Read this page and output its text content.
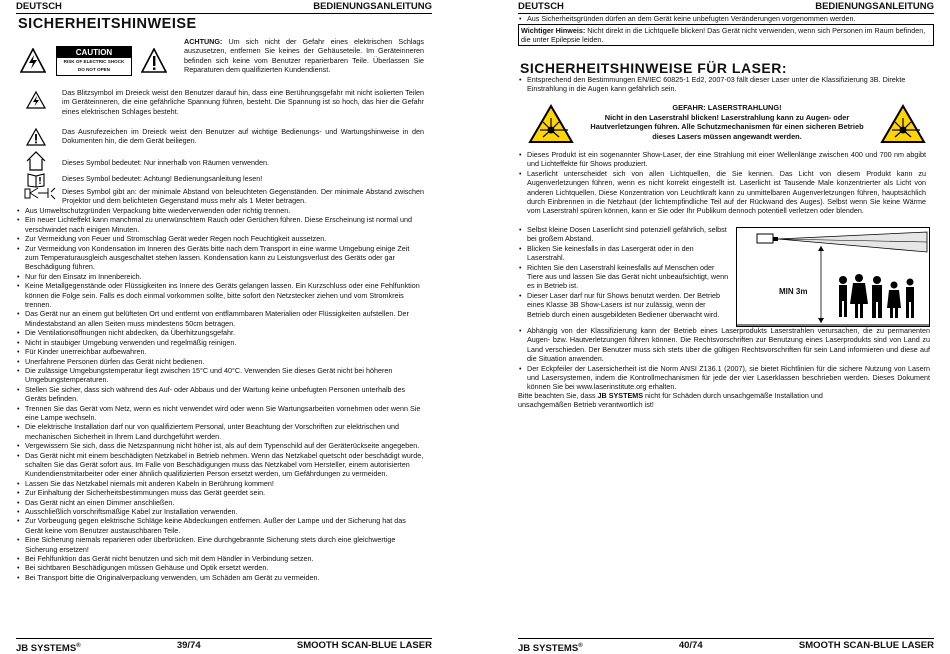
DEUTSCH	BEDIENUNGSANLEITUNG
SICHERHEITSHINWEISE
CAUTION
RISK OF ELECTRIC SHOCK
DO NOT OPEN
ACHTUNG: Um sich nicht der Gefahr eines elektrischen Schlags auszusetzen, entfernen Sie keines der Gehäuseteile. Im Geräteinneren befinden sich keine vom Benutzer reparierbaren Teile. Überlassen Sie Reparaturen dem qualifizierten Kundendienst.
Das Blitzsymbol im Dreieck weist den Benutzer darauf hin, dass eine Berührungsgefahr mit nicht isolierten Teilen im Geräteinneren, die eine gefährliche Spannung führen, besteht. Die Spannung ist so hoch, das hier die Gefahr eines elektrischen Schlages besteht.
Das Ausrufezeichen im Dreieck weist den Benutzer auf wichtige Bedienungs- und Wartungshinweise in den Dokumenten hin, die dem Gerät beiliegen.
Dieses Symbol bedeutet: Nur innerhalb von Räumen verwenden.
Dieses Symbol bedeutet: Achtung! Bedienungsanleitung lesen!
Dieses Symbol gibt an: der minimale Abstand von beleuchteten Gegenständen. Der minimale Abstand zwischen Projektor und dem belichteten Gegenstand muss mehr als 1 Meter betragen.
• Aus Umweltschutzgründen Verpackung bitte wiederverwenden oder richtig trennen.
• Ein neuer Lichteffekt kann manchmal zu unerwünschtem Rauch oder Gerüchen führen. Diese Erscheinung ist normal und verschwindet nach einigen Minuten.
• Zur Vermeidung von Feuer und Stromschlag Gerät weder Regen noch Feuchtigkeit aussetzen.
• Zur Vermeidung von Kondensation im Inneren des Geräts bitte nach dem Transport in eine warme Umgebung einige Zeit zum Temperaturausgleich ausgeschaltet stehen lassen. Kondensation kann zu Leistungsverlust des Geräts oder gar Beschädigung führen.
• Nur für den Einsatz im Innenbereich.
• Keine Metallgegenstände oder Flüssigkeiten ins Innere des Geräts gelangen lassen. Ein Kurzschluss oder eine Fehlfunktion können die Folge sein. Falls es doch einmal vorkommen sollte, bitte sofort den Netzstecker ziehen und vom Stromkreis trennen.
• Das Gerät nur an einem gut belüfteten Ort und entfernt von entflammbaren Materialien oder Flüssigkeiten aufstellen. Der Mindestabstand an allen Seiten muss mindestens 50cm betragen.
• Die Ventilationsöffnungen nicht abdecken, da Überhitzungsgefahr.
• Nicht in staubiger Umgebung verwenden und regelmäßig reinigen.
• Für Kinder unerreichbar aufbewahren.
• Unerfahrene Personen dürfen das Gerät nicht bedienen.
• Die zulässige Umgebungstemperatur liegt zwischen 15°C und 40°C. Verwenden Sie dieses Gerät nicht bei höheren Umgebungstemperaturen.
• Stellen Sie sicher, dass sich während des Auf- oder Abbaus und der Wartung keine unbefugten Personen unterhalb des Geräts befinden.
• Trennen Sie das Gerät vom Netz, wenn es nicht verwendet wird oder wenn Sie Wartungsarbeiten vornehmen oder wenn Sie eine Lampe wechseln.
• Die elektrische Installation darf nur von qualifiziertem Personal, unter Beachtung der Vorschriften zur elektrischen und mechanischen Sicherheit in Ihrem Land durchgeführt werden.
• Vergewissern Sie sich, dass die Netzspannung nicht höher ist, als auf dem Typenschild auf der Geräterückseite angegeben.
• Das Gerät nicht mit einem beschädigten Netzkabel in Betrieb nehmen. Wenn das Netzkabel quetscht oder beschädigt wurde, schalten Sie das Gerät sofort aus. Im Falle von Beschädigungen muss das Netzkabel vom Hersteller, einem autorisierten Kundendienstmitarbeiter oder einer ähnlich qualifizierten Person ersetzt werden, um Gefährdungen zu vermeiden.
• Lassen Sie das Netzkabel niemals mit anderen Kabeln in Berührung kommen!
• Zur Einhaltung der Sicherheitsbestimmungen muss das Gerät geerdet sein.
• Das Gerät nicht an einen Dimmer anschließen.
• Ausschließlich vorschriftsmäßige Kabel zur Installation verwenden.
• Zur Vorbeugung gegen elektrische Schläge keine Abdeckungen entfernen. Außer der Lampe und der Sicherung hat das Gerät keine vom Benutzer austauschbaren Teile.
• Eine Sicherung niemals reparieren oder überbrücken. Eine durchgebrannte Sicherung stets durch eine gleichwertige Sicherung ersetzen!
• Bei Fehlfunktion das Gerät nicht benutzen und sich mit dem Händler in Verbindung setzen.
• Bei sichtbaren Beschädigungen müssen Gehäuse und Optik ersetzt werden.
• Bei Transport bitte die Originalverpackung verwenden, um Schäden am Gerät zu vermeiden.
JB SYSTEMS®	39/74	SMOOTH SCAN-BLUE LASER
DEUTSCH	BEDIENUNGSANLEITUNG
• Aus Sicherheitsgründen dürfen an dem Gerät keine unbefugten Veränderungen vorgenommen werden.
Wichtiger Hinweis: Nicht direkt in die Lichtquelle blicken! Das Gerät nicht verwenden, wenn sich Personen im Raum befinden, die unter Epilepsie leiden.
SICHERHEITSHINWEISE FÜR LASER:
• Entsprechend den Bestimmungen EN/IEC 60825-1 Ed2, 2007-03 fällt dieser Laser unter die Klassifizierung 3B. Direkte Einstrahlung in die Augen kann gefährlich sein.
GEFAHR: LASERSTRAHLUNG!
Nicht in den Laserstrahl blicken! Laserstrahlung kann zu Augen- oder Hautverletzungen führen. Alle Schutzmechanismen für einen sicheren Betrieb dieses Lasers müssen angewandt werden.
• Dieses Produkt ist ein sogenannter Show-Laser, der eine Strahlung mit einer Wellenlänge zwischen 400 und 700 nm abgibt und Lichteffekte für Shows produziert.
• Laserlicht unterscheidet sich von allen Lichtquellen, die Sie kennen. Das Licht von diesem Produkt kann zu Augenverletzungen führen, wenn es nicht korrekt eingestellt ist. Laserlicht ist Tausende Male konzentrierter als Licht von anderen Lichtquellen. Diese Konzentration von Leuchtkraft kann zu unmittelbaren Augenverletzungen führen, hauptsächlich durch Einbrennen in die Netzhaut (der lichtempfindliche Teil auf der Rückwand des Auges). Selbst wenn Sie keine Wärme vom Laserstrahl spüren können, kann er Sie oder Ihr Publikum dennoch potentiell verletzen oder blenden.
• Selbst kleine Dosen Laserlicht sind potenziell gefährlich, selbst bei großem Abstand.
• Blicken Sie keinesfalls in das Lasergerät oder in den Laserstrahl.
• Richten Sie den Laserstrahl keinesfalls auf Menschen oder Tiere aus und lassen Sie das Gerät nicht unbeaufsichtigt, wenn es in Betrieb ist.
• Dieser Laser darf nur für Shows benutzt werden. Der Betrieb eines Klasse 3B Show-Lasers ist nur zulässig, wenn der Betrieb durch einen ausgebildeten Bediener überwacht wird.
MIN 3m
• Abhängig von der Klassifizierung kann der Betrieb eines Laserprodukts Laserstrahlen verursachen, die zu permanenten Augen- bzw. Hautverletzungen führen können. Die Rechtsvorschriften zur Benutzung eines Laserprodukts sind von Land zu Land verschieden. Der Benutzer muss sich stets über die gültigen Rechtsvorschriften für sein Land informieren und diese auf die Situation anwenden.
• Der Eckpfeiler der Lasersicherheit ist die Norm ANSI Z136.1 (2007), sie bietet Richtlinien für die sichere Nutzung von Lasern und Lasersystemen, indem die Kontrollmechanismen für jede der vier Laserklassen beschrieben werden. Dieses Dokument können Sie bei www.laserinstitute.org erhalten.
Bitte beachten Sie, dass JB SYSTEMS nicht für Schäden durch unsachgemäße Installation und unsachgemäßen Betrieb verantwortlich ist!
JB SYSTEMS®	40/74	SMOOTH SCAN-BLUE LASER
